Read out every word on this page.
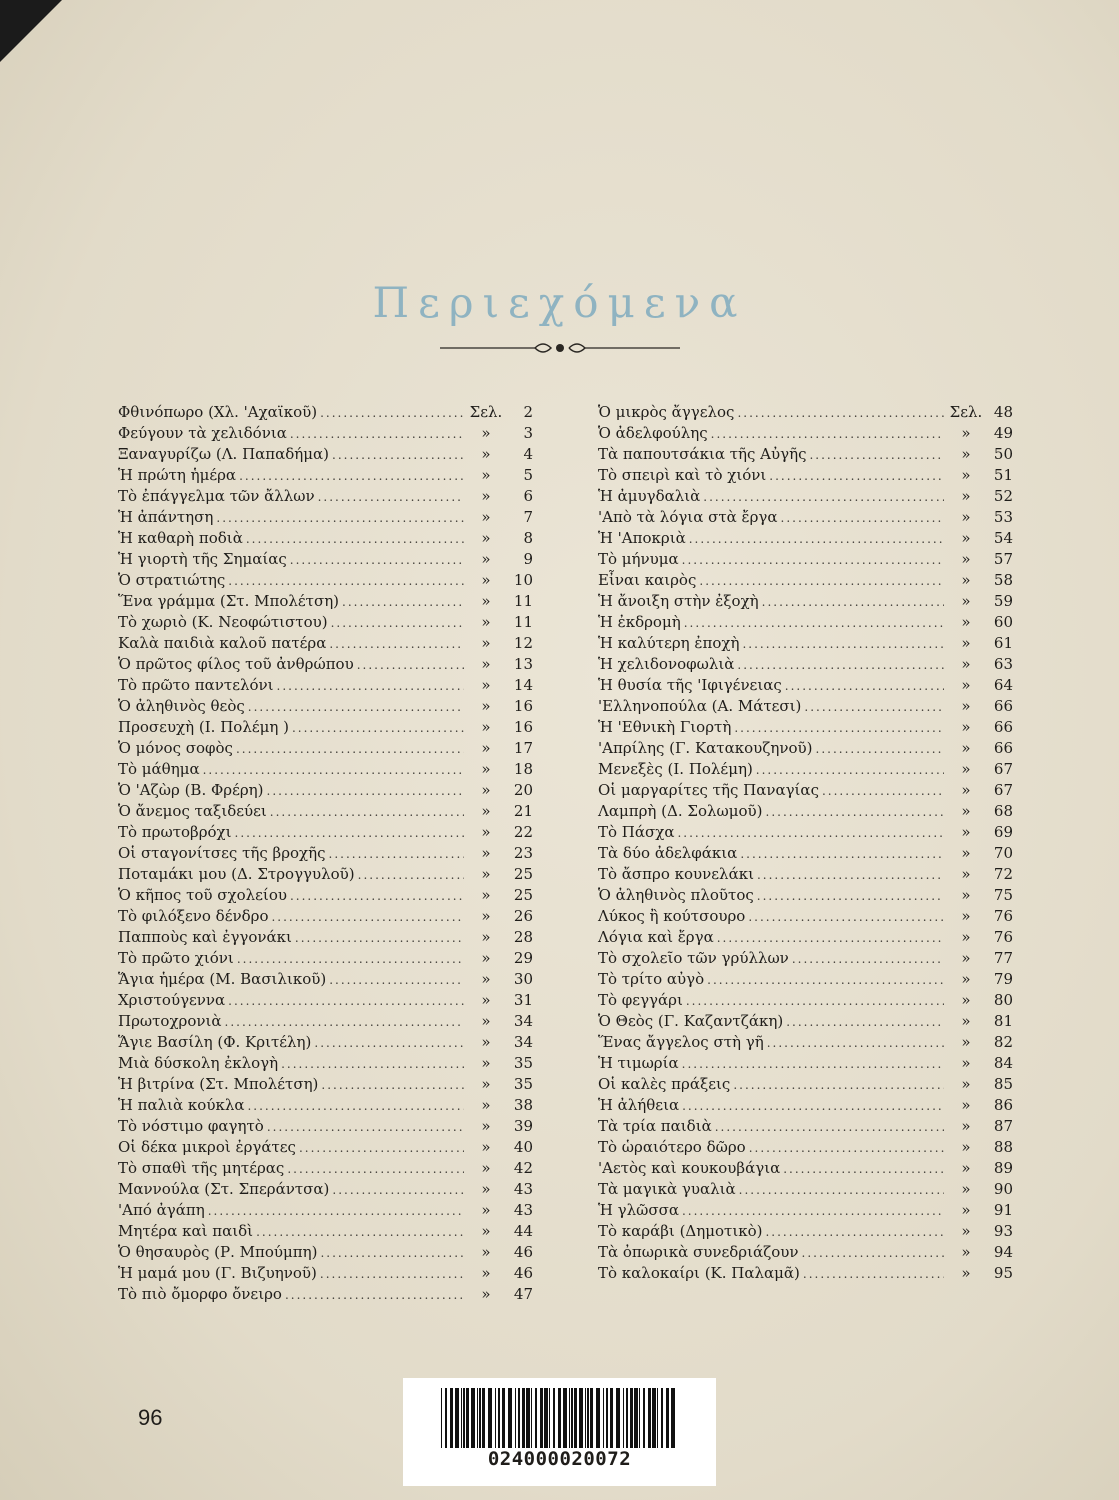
Περιεχόμενα
Φθινόπωρο (Χλ. 'Αχαϊκοῦ) .....	Σελ.	2
Φεύγουν τὰ χελιδόνια .....	»	3
Ξαναγυρίζω (Λ. Παπαδήμα) .....	»	4
Ἡ πρώτη ἡμέρα .....	»	5
Τὸ ἐπάγγελμα τῶν ἄλλων .....	»	6
Ἡ ἀπάντηση .....	»	7
Ἡ καθαρὴ ποδιὰ .....	»	8
Ἡ γιορτὴ τῆς Σημαίας .....	»	9
Ὁ στρατιώτης .....	»	10
Ἕνα γράμμα (Στ. Μπολέτση) .....	»	11
Τὸ χωριὸ (Κ. Νεοφώτιστου) .....	»	11
Καλὰ παιδιὰ καλοῦ πατέρα .....	»	12
Ὁ πρῶτος φίλος τοῦ ἀνθρώπου .....	»	13
Τὸ πρῶτο παντελόνι .....	»	14
Ὁ ἀληθινὸς θεὸς .....	»	16
Προσευχὴ (Ι. Πολέμη ) .....	»	16
Ὁ μόνος σοφὸς .....	»	17
Τὸ μάθημα .....	»	18
Ὁ 'Αζὼρ (Β. Φρέρη) .....	»	20
Ὁ ἄνεμος ταξιδεύει .....	»	21
Τὸ πρωτοβρόχι .....	»	22
Οἱ σταγονίτσες τῆς βροχῆς .....	»	23
Ποταμάκι μου (Δ. Στρογγυλοῦ) .....	»	25
Ὁ κῆπος τοῦ σχολείου .....	»	25
Τὸ φιλόξενο δένδρο .....	»	26
Παπποὺς καὶ ἐγγονάκι .....	»	28
Τὸ πρῶτο χιόνι .....	»	29
Ἅγια ἡμέρα (Μ. Βασιλικοῦ) .....	»	30
Χριστούγεννα .....	»	31
Πρωτοχρονιὰ .....	»	34
Ἅγιε Βασίλη (Φ. Κριτέλη) .....	»	34
Μιὰ δύσκολη ἐκλογὴ .....	»	35
Ἡ βιτρίνα (Στ. Μπολέτση) .....	»	35
Ἡ παλιὰ κούκλα .....	»	38
Τὸ νόστιμο φαγητὸ .....	»	39
Οἱ δέκα μικροὶ ἐργάτες .....	»	40
Τὸ σπαθὶ τῆς μητέρας .....	»	42
Μαννούλα (Στ. Σπεράντσα) .....	»	43
'Από ἀγάπη .....	»	43
Μητέρα καὶ παιδὶ .....	»	44
Ὁ θησαυρὸς (Ρ. Μπούμπη) .....	»	46
Ἡ μαμά μου (Γ. Βιζυηνοῦ) .....	»	46
Τὸ πιὸ ὄμορφο ὄνειρο .....	»	47
Ὁ μικρὸς ἄγγελος .....	Σελ. 48
Ὁ ἀδελφούλης .....	»	49
Τὰ παπουτσάκια τῆς Αὐγῆς .....	»	50
Τὸ σπειρὶ καὶ τὸ χιόνι .....	»	51
Ἡ ἀμυγδαλιὰ .....	»	52
'Απὸ τὰ λόγια στὰ ἔργα .....	»	53
Ἡ 'Αποκριὰ .....	»	54
Τὸ μήνυμα .....	»	57
Εἶναι καιρὸς .....	»	58
Ἡ ἄνοιξη στὴν ἐξοχὴ .....	»	59
Ἡ ἐκδρομὴ .....	»	60
Ἡ καλύτερη ἐποχὴ .....	»	61
Ἡ χελιδονοφωλιὰ .....	»	63
Ἡ θυσία τῆς 'Ιφιγένειας .....	»	64
'Ελληνοπούλα (Α. Μάτεσι) .....	»	66
Ἡ 'Εθνικὴ Γιορτὴ .....	»	66
'Απρίλης (Γ. Κατακουζηνοῦ) .....	»	66
Μενεξὲς (Ι. Πολέμη) .....	»	67
Οἱ μαργαρίτες τῆς Παναγίας .....	»	67
Λαμπρὴ (Δ. Σολωμοῦ) .....	»	68
Τὸ Πάσχα .....	»	69
Τὰ δύο ἀδελφάκια .....	»	70
Τὸ ἄσπρο κουνελάκι .....	»	72
Ὁ ἀληθινὸς πλοῦτος .....	»	75
Λύκος ἢ κούτσουρο .....	»	76
Λόγια καὶ ἔργα .....	»	76
Τὸ σχολεῖο τῶν γρύλλων .....	»	77
Τὸ τρίτο αὐγὸ .....	»	79
Τὸ φεγγάρι .....	»	80
Ὁ Θεὸς (Γ. Καζαντζάκη) .....	»	81
Ἕνας ἄγγελος στὴ γῆ .....	»	82
Ἡ τιμωρία .....	»	84
Οἱ καλὲς πράξεις .....	»	85
Ἡ ἀλήθεια .....	»	86
Τὰ τρία παιδιὰ .....	»	87
Τὸ ὡραιότερο δῶρο .....	»	88
'Αετὸς καὶ κουκουβάγια .....	»	89
Τὰ μαγικὰ γυαλιὰ .....	»	90
Ἡ γλῶσσα .....	»	91
Τὸ καράβι (Δημοτικὸ) .....	»	93
Τὰ ὀπωρικὰ συνεδριάζουν .....	»	94
Τὸ καλοκαίρι (Κ. Παλαμᾶ) .....	»	95
96
024000020072
